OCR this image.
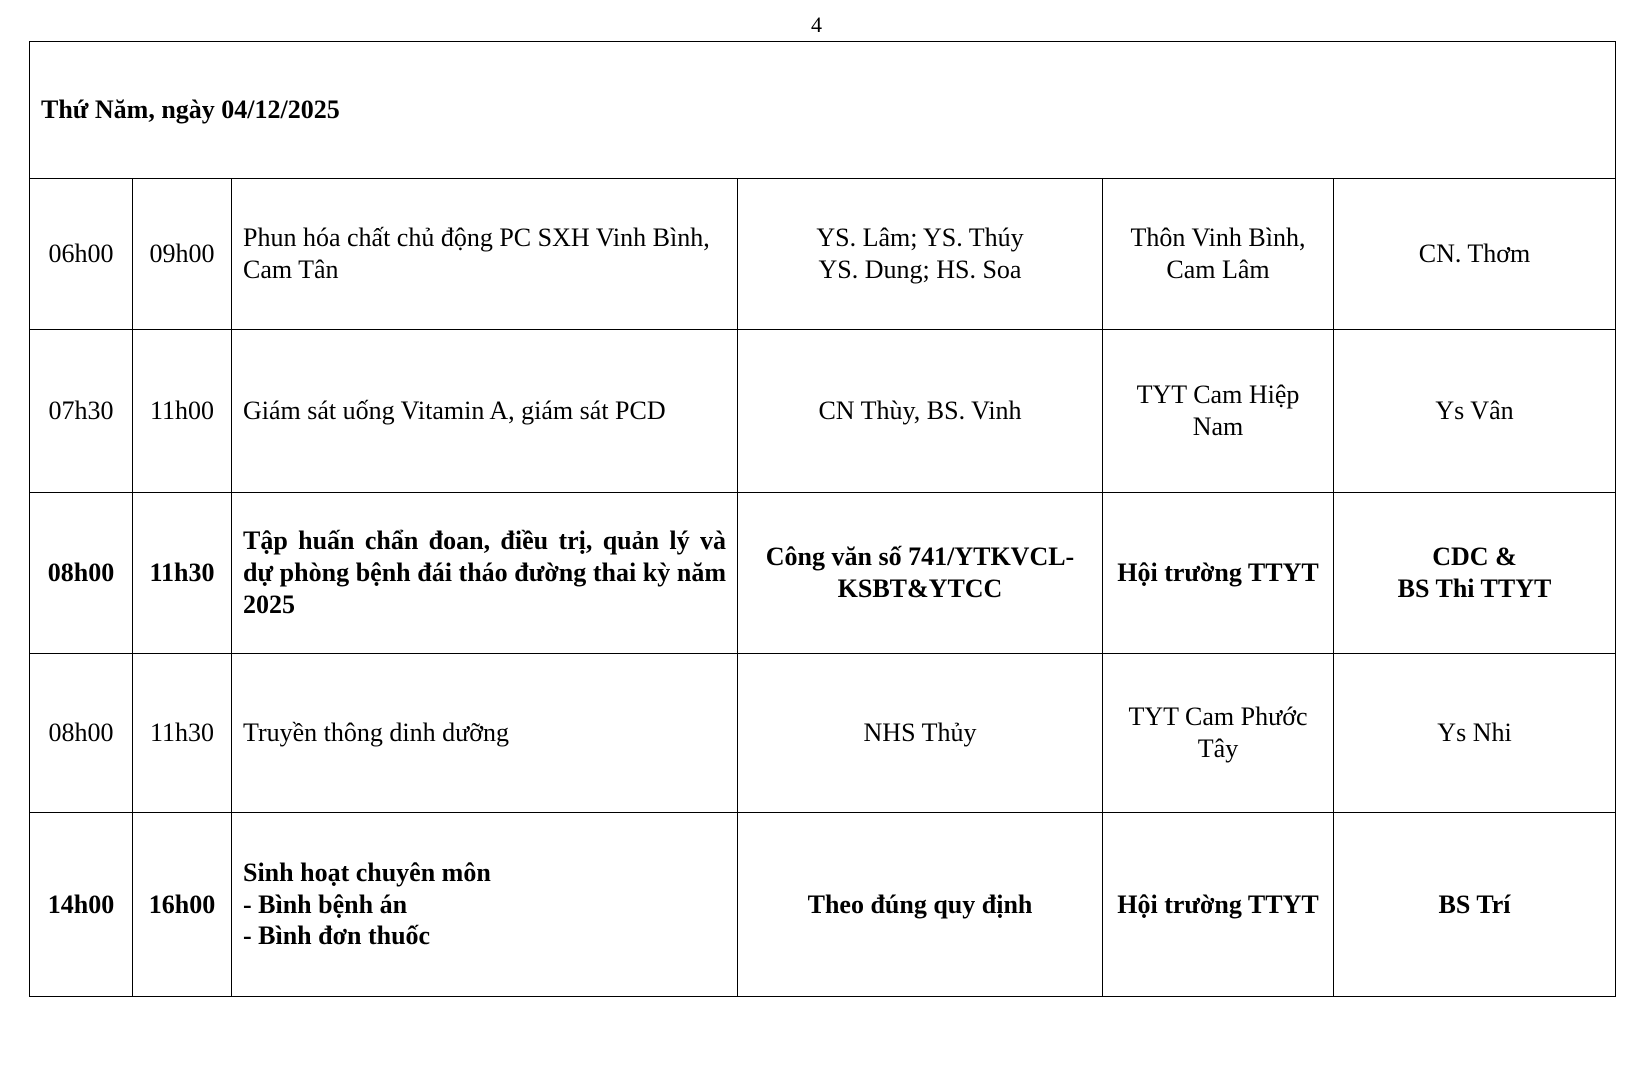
4
Thứ Năm, ngày 04/12/2025					
06h00	09h00	Phun hóa chất chủ động PC SXH Vinh Bình, Cam Tân	YS. Lâm; YS. Thúy
YS. Dung; HS. Soa	Thôn Vinh Bình,
Cam Lâm	CN. Thơm

07h30	11h00	Giám sát uống Vitamin A, giám sát PCD	CN Thùy, BS. Vinh	TYT Cam Hiệp
Nam	Ys Vân

08h00	11h30	Tập huấn chẩn đoan, điều trị, quản lý và dự phòng bệnh đái tháo đường thai kỳ năm 2025	Công văn số 741/YTKVCL-
KSBT&YTCC	Hội trường TTYT	CDC &
BS Thi TTYT

08h00	11h30	Truyền thông dinh dưỡng	NHS Thủy	TYT Cam Phước
Tây	Ys Nhi

14h00	16h00	Sinh hoạt chuyên môn
- Bình bệnh án
- Bình đơn thuốc	Theo đúng quy định	Hội trường TTYT	BS Trí
